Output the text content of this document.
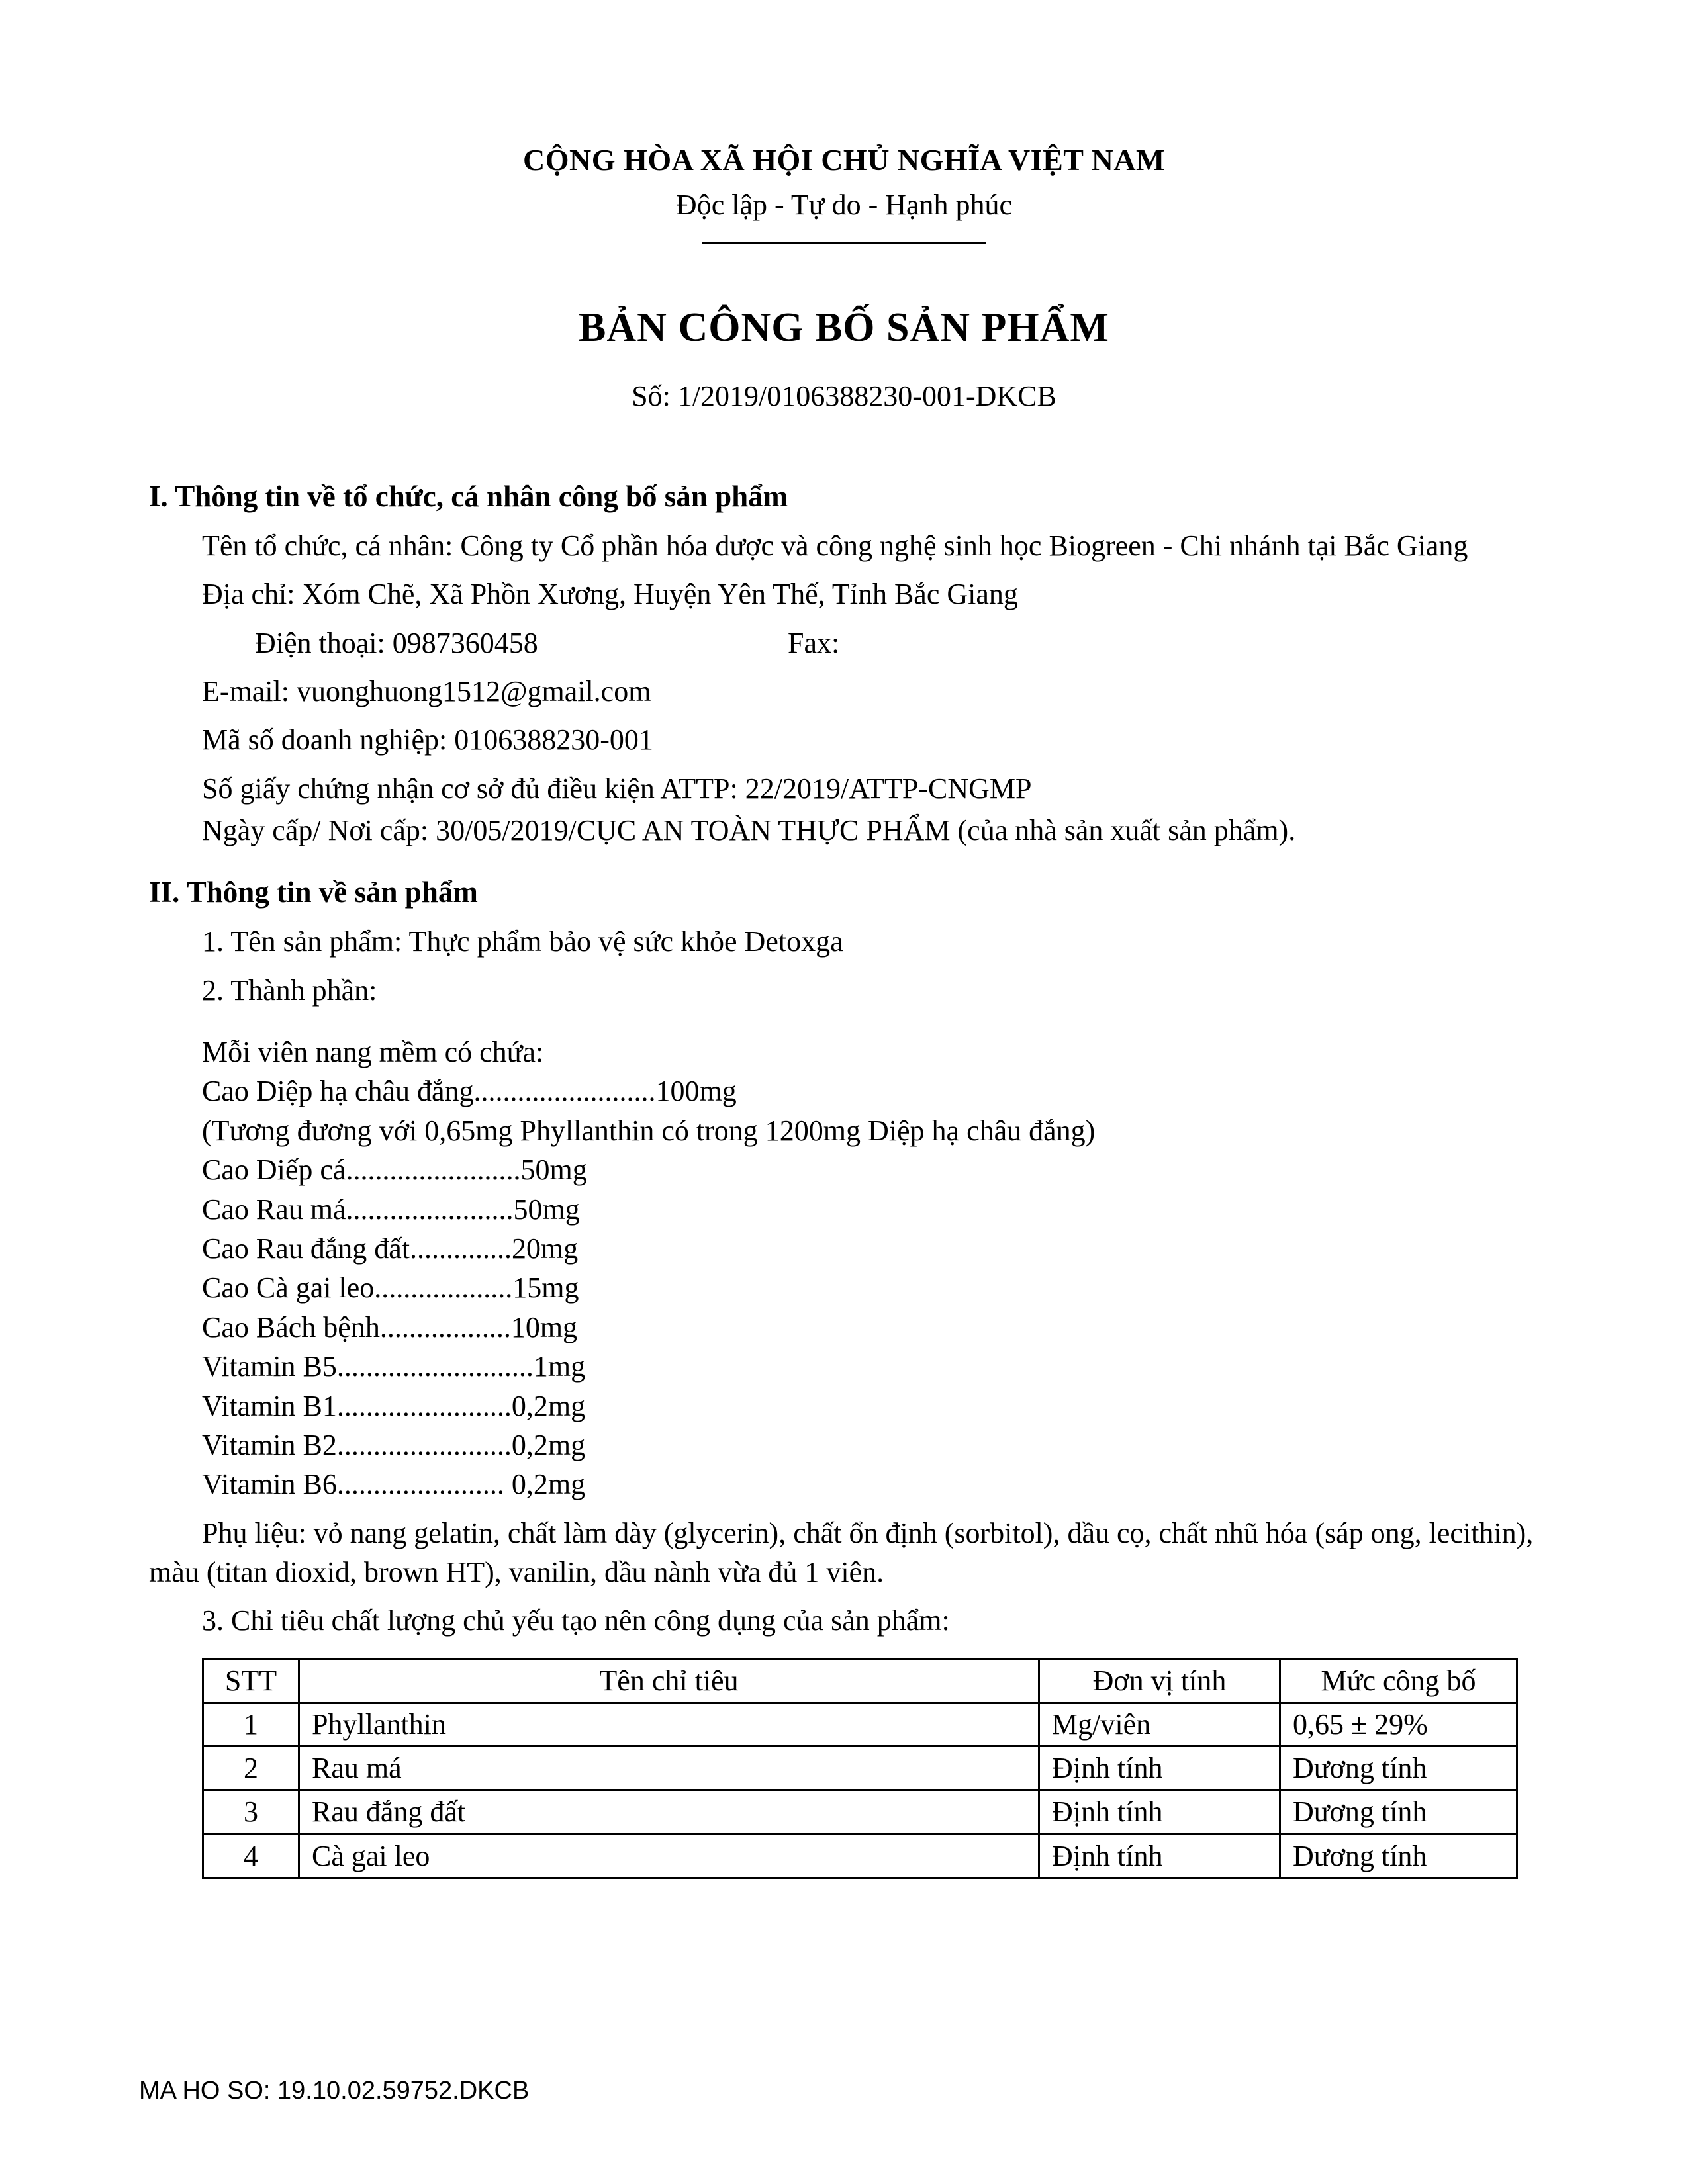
CỘNG HÒA XÃ HỘI CHỦ NGHĨA VIỆT NAM
Độc lập - Tự do - Hạnh phúc
BẢN CÔNG BỐ SẢN PHẨM
Số: 1/2019/0106388230-001-DKCB
I. Thông tin về tổ chức, cá nhân công bố sản phẩm

Tên tổ chức, cá nhân: Công ty Cổ phần hóa dược và công nghệ sinh học Biogreen - Chi nhánh tại Bắc Giang

Địa chỉ: Xóm Chẽ, Xã Phồn Xương, Huyện Yên Thế, Tỉnh Bắc Giang

Điện thoại: 0987360458	Fax:

E-mail: vuonghuong1512@gmail.com

Mã số doanh nghiệp: 0106388230-001

Số giấy chứng nhận cơ sở đủ điều kiện ATTP: 22/2019/ATTP-CNGMP

Ngày cấp/ Nơi cấp: 30/05/2019/CỤC AN TOÀN THỰC PHẨM (của nhà sản xuất sản phẩm).

II. Thông tin về sản phẩm

1. Tên sản phẩm: Thực phẩm bảo vệ sức khỏe Detoxga

2. Thành phần:

Mỗi viên nang mềm có chứa:
Cao Diệp hạ châu đắng.........................100mg
(Tương đương với 0,65mg Phyllanthin có trong 1200mg Diệp hạ châu đắng)
Cao Diếp cá........................50mg
Cao Rau má.......................50mg
Cao Rau đắng đất..............20mg
Cao Cà gai leo...................15mg
Cao Bách bệnh..................10mg
Vitamin B5...........................1mg
Vitamin B1........................0,2mg
Vitamin B2........................0,2mg
Vitamin B6....................... 0,2mg

Phụ liệu: vỏ nang gelatin, chất làm dày (glycerin), chất ổn định (sorbitol), dầu cọ, chất nhũ hóa (sáp ong, lecithin), màu (titan dioxid, brown HT), vanilin, dầu nành vừa đủ 1 viên.

3. Chỉ tiêu chất lượng chủ yếu tạo nên công dụng của sản phẩm:

STT	Tên chỉ tiêu	Đơn vị tính	Mức công bố
1	Phyllanthin	Mg/viên	0,65 ± 29%
2	Rau má	Định tính	Dương tính
3	Rau đắng đất	Định tính	Dương tính
4	Cà gai leo	Định tính	Dương tính
MA HO SO: 19.10.02.59752.DKCB
